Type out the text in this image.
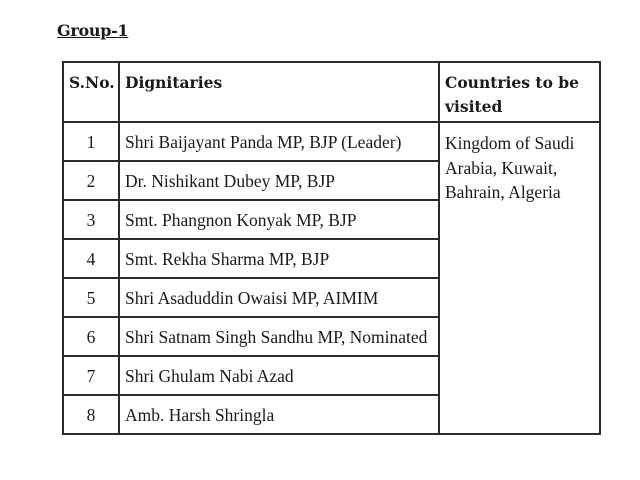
Group-1
S.No.	Dignitaries	Countries to be visited
1	Shri Baijayant Panda MP, BJP (Leader)	Kingdom of Saudi Arabia, Kuwait, Bahrain, Algeria
2	Dr. Nishikant Dubey MP, BJP	
3	Smt. Phangnon Konyak MP, BJP	
4	Smt. Rekha Sharma MP, BJP	
5	Shri Asaduddin Owaisi MP, AIMIM	
6	Shri Satnam Singh Sandhu MP, Nominated	
7	Shri Ghulam Nabi Azad	
8	Amb. Harsh Shringla	
